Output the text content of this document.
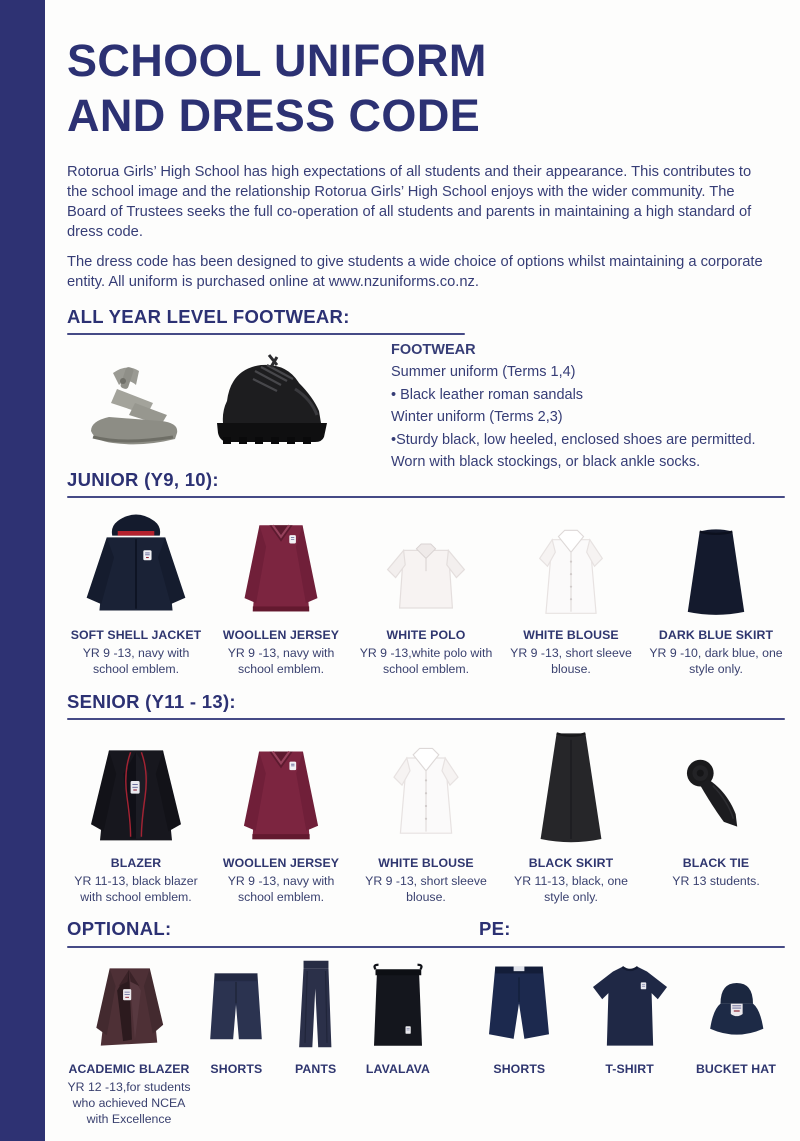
SCHOOL UNIFORM
AND DRESS CODE

Rotorua Girls’ High School has high expectations of all students and their appearance. This contributes to the school image and the relationship Rotorua Girls’ High School enjoys with the wider community. The Board of Trustees seeks the full co-operation of all students and parents in maintaining a high standard of dress code.

The dress code has been designed to give students a wide choice of options whilst maintaining a corporate entity. All uniform is purchased online at www.nzuniforms.co.nz.

ALL YEAR LEVEL FOOTWEAR:
FOOTWEAR
Summer uniform (Terms 1,4)
• Black leather roman sandals
Winter uniform (Terms 2,3)
•Sturdy black, low heeled, enclosed shoes are permitted.
Worn with black stockings, or black ankle socks.
JUNIOR (Y9, 10):
SOFT SHELL JACKET
YR 9 -13, navy with school emblem.
WOOLLEN JERSEY
YR 9 -13, navy with school emblem.
WHITE POLO
YR 9 -13,white polo with school emblem.
WHITE BLOUSE
YR 9 -13, short sleeve blouse.
DARK BLUE SKIRT
YR 9 -10, dark blue, one style only.
SENIOR (Y11 - 13):
BLAZER
YR 11-13, black blazer with school emblem.
WOOLLEN JERSEY
YR 9 -13, navy with school emblem.
WHITE BLOUSE
YR 9 -13, short sleeve blouse.
BLACK SKIRT
YR 11-13, black, one style only.
BLACK TIE
YR 13 students.
OPTIONAL:	PE:
ACADEMIC BLAZER
YR 12 -13,for students who achieved NCEA with Excellence
SHORTS	PANTS	LAVALAVA	SHORTS	T-SHIRT	BUCKET HAT
